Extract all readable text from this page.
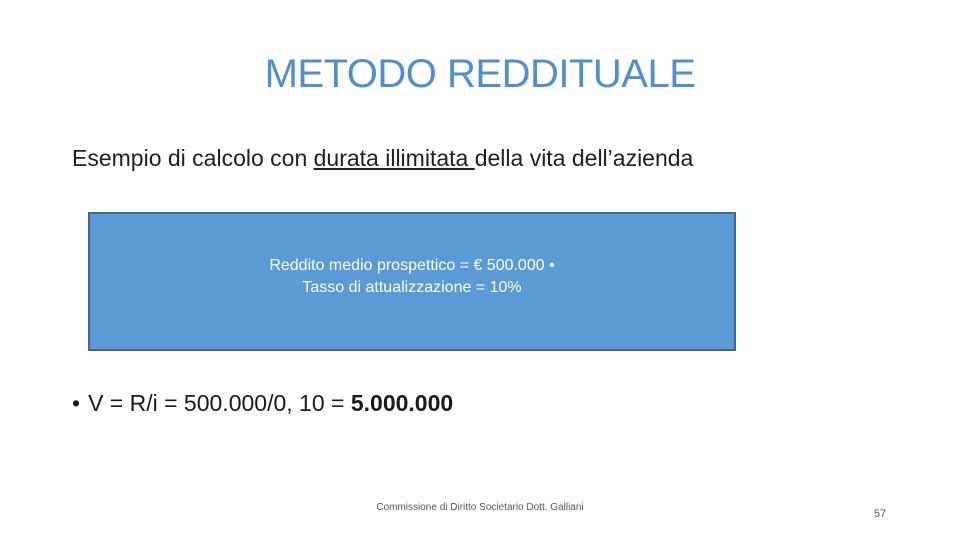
METODO REDDITUALE
Esempio di calcolo con durata illimitata della vita dell’azienda
Reddito medio prospettico = € 500.000 •
Tasso di attualizzazione = 10%
• V = R/i = 500.000/0, 10 = 5.000.000
Commissione di Diritto Societario Dott. Galliani
57
